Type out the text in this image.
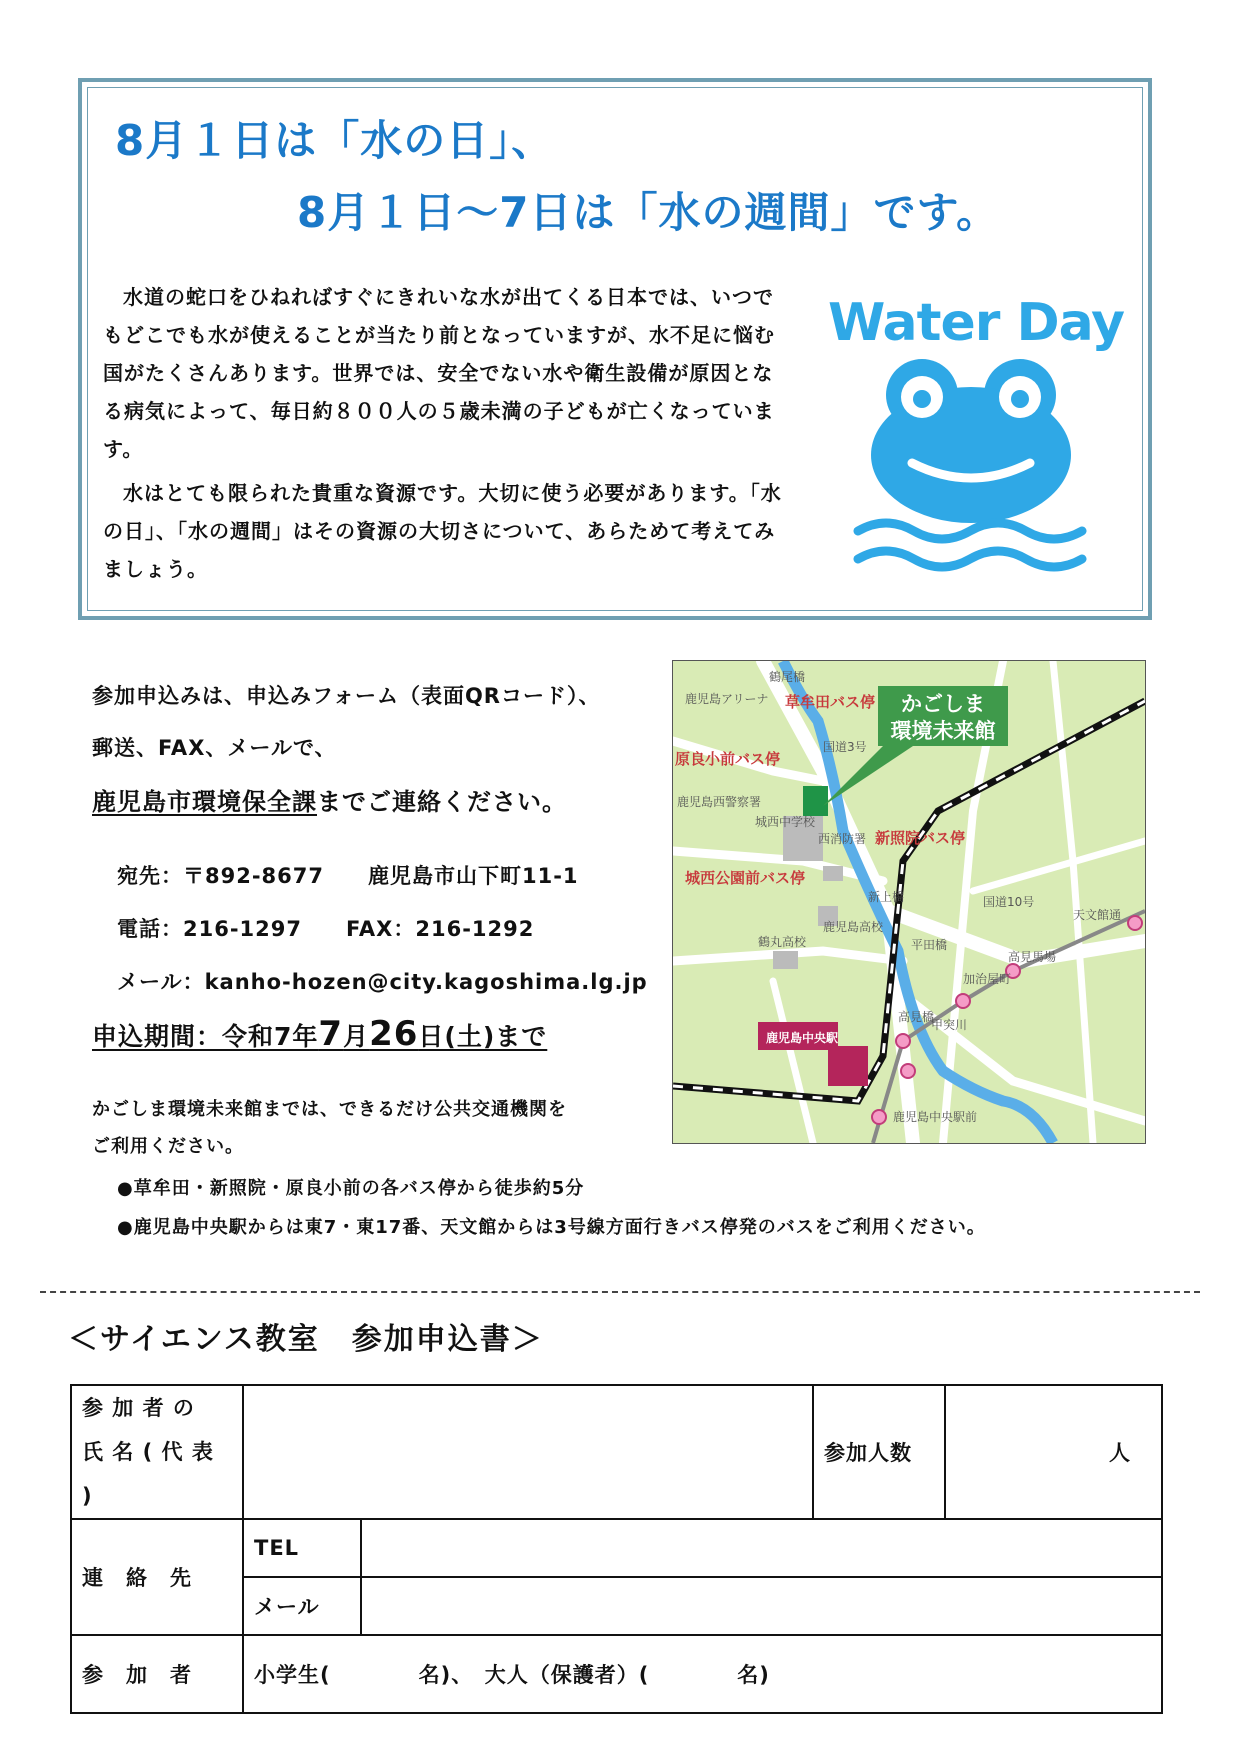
8月１日は「水の日」、
8月１日～7日は「水の週間」です。
水道の蛇口をひねればすぐにきれいな水が出てくる日本では、いつでもどこでも水が使えることが当たり前となっていますが、水不足に悩む国がたくさんあります。世界では、安全でない水や衛生設備が原因となる病気によって、毎日約８００人の５歳未満の子どもが亡くなっています。
水はとても限られた貴重な資源です。大切に使う必要があります。「水の日」、「水の週間」はその資源の大切さについて、あらためて考えてみましょう。
Water Day
参加申込みは、申込みフォーム（表面QRコード）、
郵送、FAX、メールで、
鹿児島市環境保全課までご連絡ください。
宛先：〒892-8677　　鹿児島市山下町11-1
電話：216-1297　　FAX：216-1292
メール：kanho-hozen@city.kagoshima.lg.jp
申込期間：令和7年7月26日(土)まで
かごしま環境未来館までは、できるだけ公共交通機関を
ご利用ください。
●草牟田・新照院・原良小前の各バス停から徒歩約5分
●鹿児島中央駅からは東7・東17番、天文館からは3号線方面行きバス停発のバスをご利用ください。
かごしま
環境未来館
鶴尾橋
鹿児島アリーナ 草牟田バス停
原良小前バス停
国道3号
鹿児島西警察署
城西中学校
西消防署 新照院バス停
城西公園前バス停
新上橋
鹿児島高校
鶴丸高校	平田橋
国道10号
天文館通
高見馬場
加治屋町
甲突川
高見橋
鹿児島中央駅
鹿児島中央駅前
＜サイエンス教室　参加申込書＞
参 加 者 の
氏 名 ( 代 表 )			参加人数	人
連　絡　先	TEL			
	メール			
参　加　者	小学生(　　　　名)、　大人（保護者）(　　　　名)			
